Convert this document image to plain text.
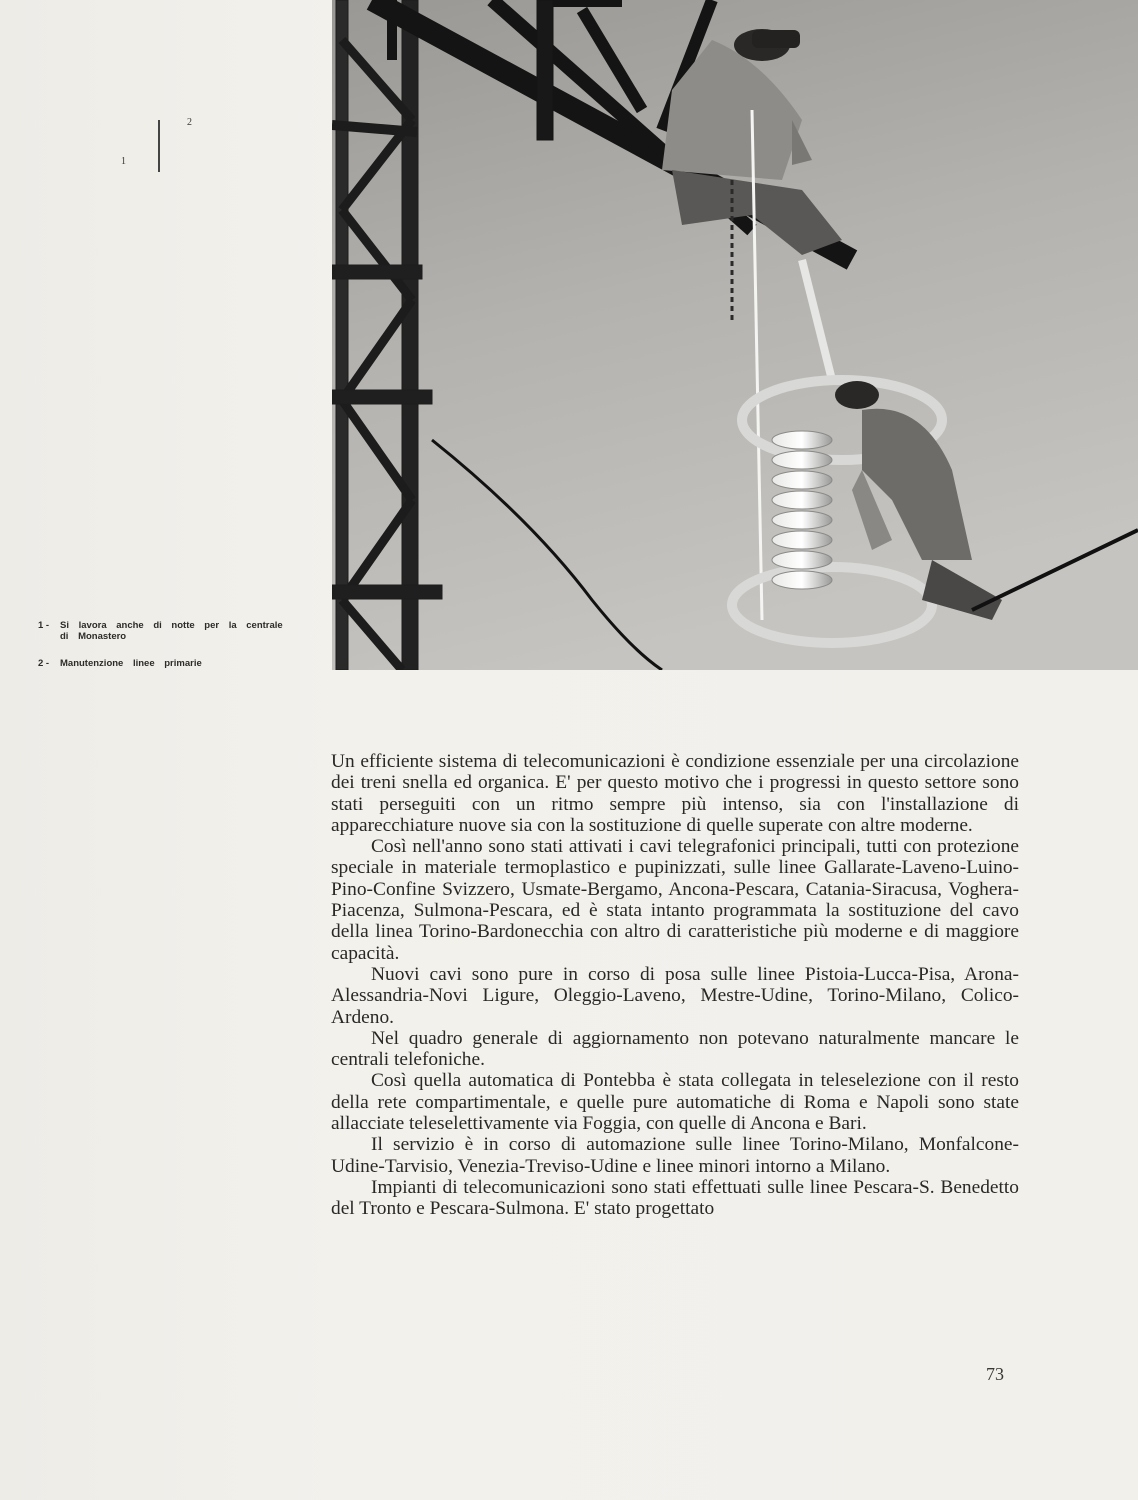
1
2
1 -	Si lavora anche di notte per la centrale di Monastero
2 -	Manutenzione linee primarie

Un efficiente sistema di telecomunicazioni è condizione essenziale per una circolazione dei treni snella ed organica. E' per questo motivo che i progressi in questo settore sono stati perseguiti con un ritmo sempre più intenso, sia con l'installazione di apparecchiature nuove sia con la sostituzione di quelle superate con altre moderne.

Così nell'anno sono stati attivati i cavi telegrafonici principali, tutti con protezione speciale in materiale termoplastico e pupinizzati, sulle linee Gallarate-Laveno-Luino-Pino-Confine Svizzero, Usmate-Bergamo, Ancona-Pescara, Catania-Siracusa, Voghera-Piacenza, Sulmona-Pescara, ed è stata intanto programmata la sostituzione del cavo della linea Torino-Bardonecchia con altro di caratteristiche più moderne e di maggiore capacità.

Nuovi cavi sono pure in corso di posa sulle linee Pistoia-Lucca-Pisa, Arona-Alessandria-Novi Ligure, Oleggio-Laveno, Mestre-Udine, Torino-Milano, Colico-Ardeno.

Nel quadro generale di aggiornamento non potevano naturalmente mancare le centrali telefoniche.

Così quella automatica di Pontebba è stata collegata in teleselezione con il resto della rete compartimentale, e quelle pure automatiche di Roma e Napoli sono state allacciate teleselettivamente via Foggia, con quelle di Ancona e Bari.

Il servizio è in corso di automazione sulle linee Torino-Milano, Monfalcone-Udine-Tarvisio, Venezia-Treviso-Udine e linee minori intorno a Milano.

Impianti di telecomunicazioni sono stati effettuati sulle linee Pescara-S. Benedetto del Tronto e Pescara-Sulmona. E' stato progettato

73
